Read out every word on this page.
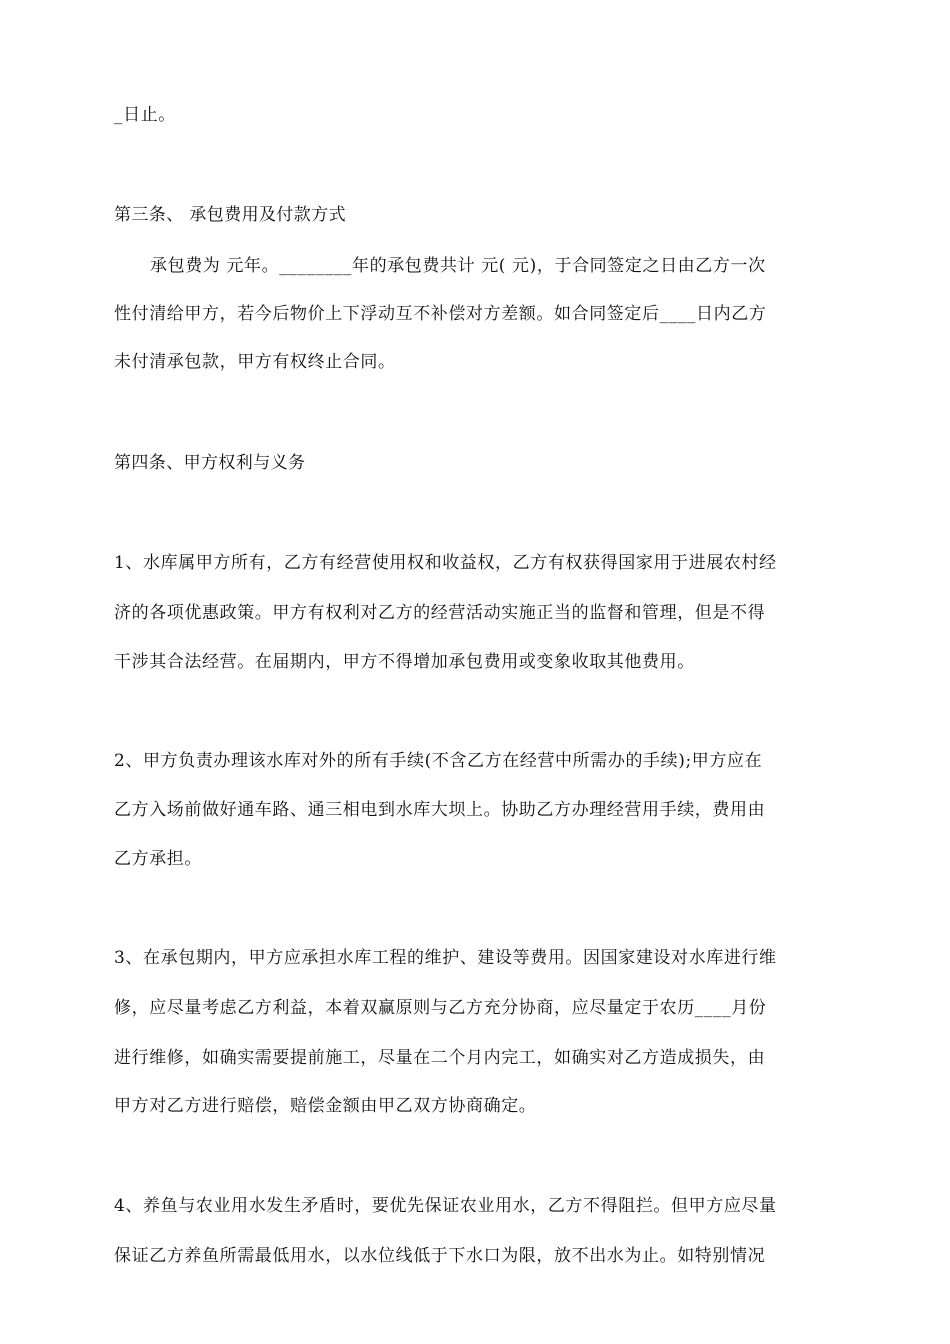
_日止。
第三条、 承包费用及付款方式
承包费为 元年。________年的承包费共计 元( 元)，于合同签定之日由乙方一次
性付清给甲方，若今后物价上下浮动互不补偿对方差额。如合同签定后____日内乙方
未付清承包款，甲方有权终止合同。
第四条、甲方权利与义务
1、水库属甲方所有，乙方有经营使用权和收益权，乙方有权获得国家用于进展农村经
济的各项优惠政策。甲方有权利对乙方的经营活动实施正当的监督和管理，但是不得
干涉其合法经营。在届期内，甲方不得增加承包费用或变象收取其他费用。
2、甲方负责办理该水库对外的所有手续(不含乙方在经营中所需办的手续);甲方应在
乙方入场前做好通车路、通三相电到水库大坝上。协助乙方办理经营用手续，费用由
乙方承担。
3、在承包期内，甲方应承担水库工程的维护、建设等费用。因国家建设对水库进行维
修，应尽量考虑乙方利益，本着双赢原则与乙方充分协商，应尽量定于农历____月份
进行维修，如确实需要提前施工，尽量在二个月内完工，如确实对乙方造成损失，由
甲方对乙方进行赔偿，赔偿金额由甲乙双方协商确定。
4、养鱼与农业用水发生矛盾时，要优先保证农业用水，乙方不得阻拦。但甲方应尽量
保证乙方养鱼所需最低用水，以水位线低于下水口为限，放不出水为止。如特别情况
